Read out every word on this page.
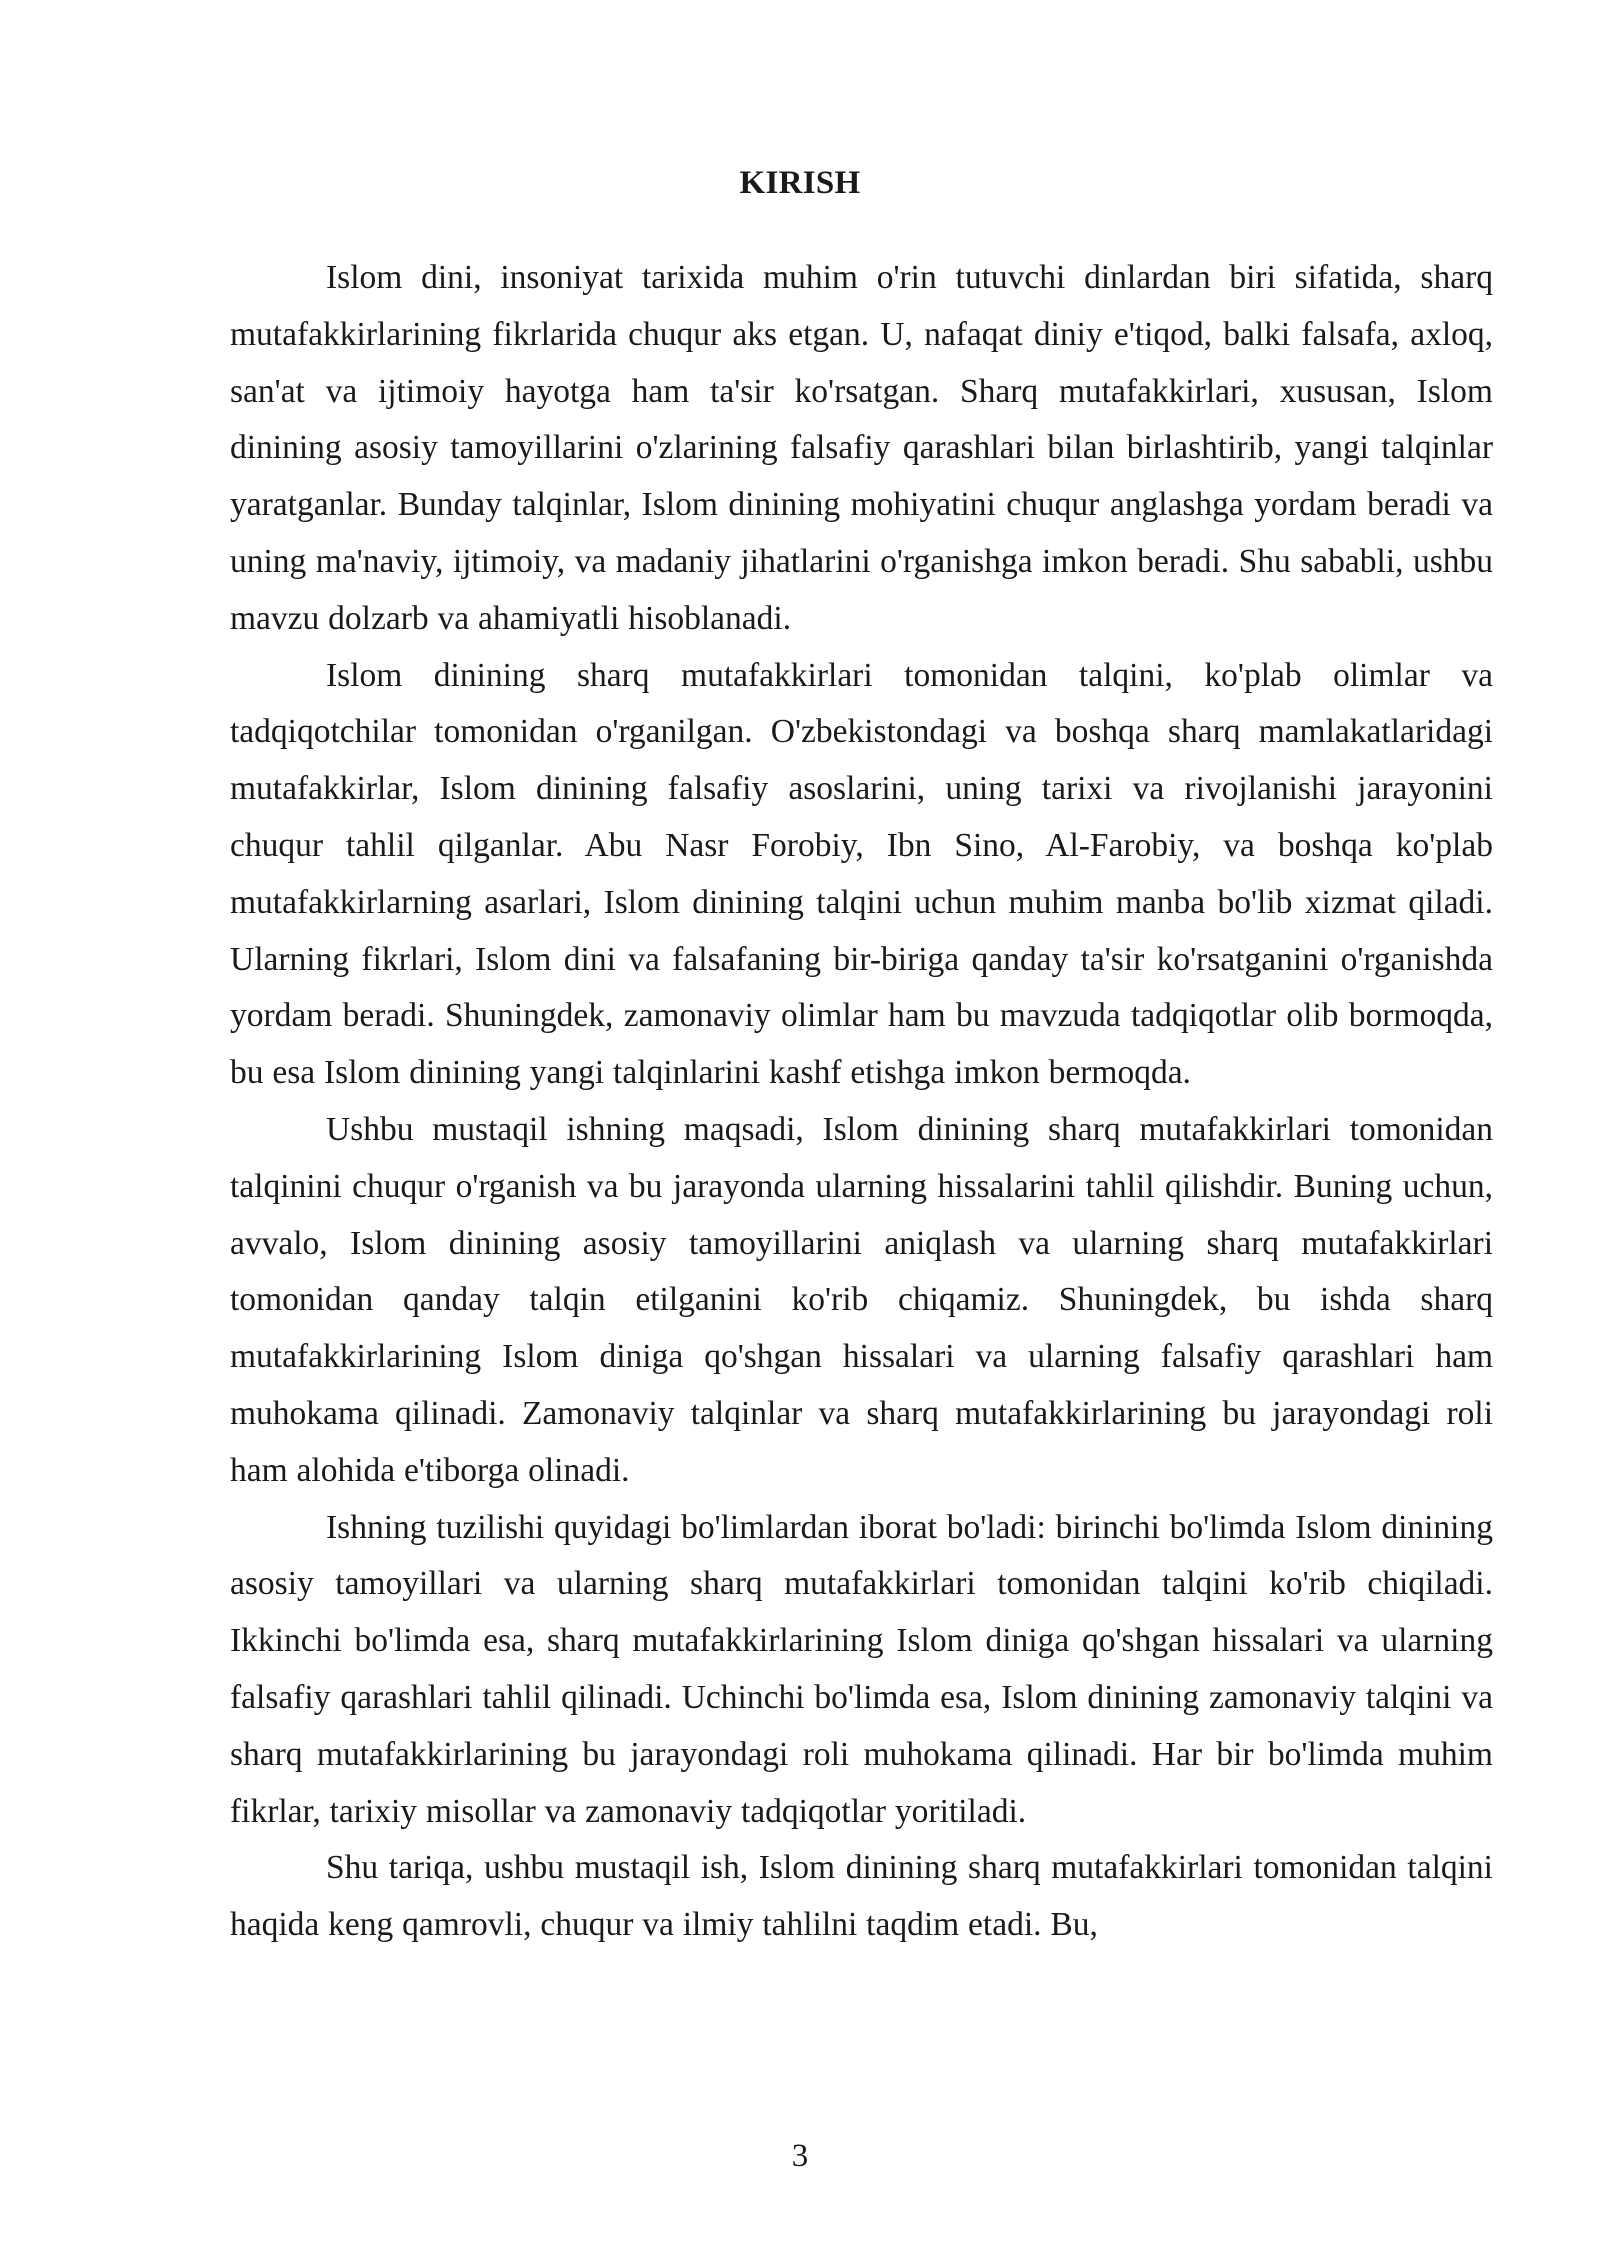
KIRISH

Islom dini, insoniyat tarixida muhim o'rin tutuvchi dinlardan biri sifatida, sharq mutafakkirlarining fikrlarida chuqur aks etgan. U, nafaqat diniy e'tiqod, balki falsafa, axloq, san'at va ijtimoiy hayotga ham ta'sir ko'rsatgan. Sharq mutafakkirlari, xususan, Islom dinining asosiy tamoyillarini o'zlarining falsafiy qarashlari bilan birlashtirib, yangi talqinlar yaratganlar. Bunday talqinlar, Islom dinining mohiyatini chuqur anglashga yordam beradi va uning ma'naviy, ijtimoiy, va madaniy jihatlarini o'rganishga imkon beradi. Shu sababli, ushbu mavzu dolzarb va ahamiyatli hisoblanadi.

Islom dinining sharq mutafakkirlari tomonidan talqini, ko'plab olimlar va tadqiqotchilar tomonidan o'rganilgan. O'zbekistondagi va boshqa sharq mamlakatlaridagi mutafakkirlar, Islom dinining falsafiy asoslarini, uning tarixi va rivojlanishi jarayonini chuqur tahlil qilganlar. Abu Nasr Forobiy, Ibn Sino, Al-Farobiy, va boshqa ko'plab mutafakkirlarning asarlari, Islom dinining talqini uchun muhim manba bo'lib xizmat qiladi. Ularning fikrlari, Islom dini va falsafaning bir-biriga qanday ta'sir ko'rsatganini o'rganishda yordam beradi. Shuningdek, zamonaviy olimlar ham bu mavzuda tadqiqotlar olib bormoqda, bu esa Islom dinining yangi talqinlarini kashf etishga imkon bermoqda.

Ushbu mustaqil ishning maqsadi, Islom dinining sharq mutafakkirlari tomonidan talqinini chuqur o'rganish va bu jarayonda ularning hissalarini tahlil qilishdir. Buning uchun, avvalo, Islom dinining asosiy tamoyillarini aniqlash va ularning sharq mutafakkirlari tomonidan qanday talqin etilganini ko'rib chiqamiz. Shuningdek, bu ishda sharq mutafakkirlarining Islom diniga qo'shgan hissalari va ularning falsafiy qarashlari ham muhokama qilinadi. Zamonaviy talqinlar va sharq mutafakkirlarining bu jarayondagi roli ham alohida e'tiborga olinadi.

Ishning tuzilishi quyidagi bo'limlardan iborat bo'ladi: birinchi bo'limda Islom dinining asosiy tamoyillari va ularning sharq mutafakkirlari tomonidan talqini ko'rib chiqiladi. Ikkinchi bo'limda esa, sharq mutafakkirlarining Islom diniga qo'shgan hissalari va ularning falsafiy qarashlari tahlil qilinadi. Uchinchi bo'limda esa, Islom dinining zamonaviy talqini va sharq mutafakkirlarining bu jarayondagi roli muhokama qilinadi. Har bir bo'limda muhim fikrlar, tarixiy misollar va zamonaviy tadqiqotlar yoritiladi.

Shu tariqa, ushbu mustaqil ish, Islom dinining sharq mutafakkirlari tomonidan talqini haqida keng qamrovli, chuqur va ilmiy tahlilni taqdim etadi. Bu,

3
